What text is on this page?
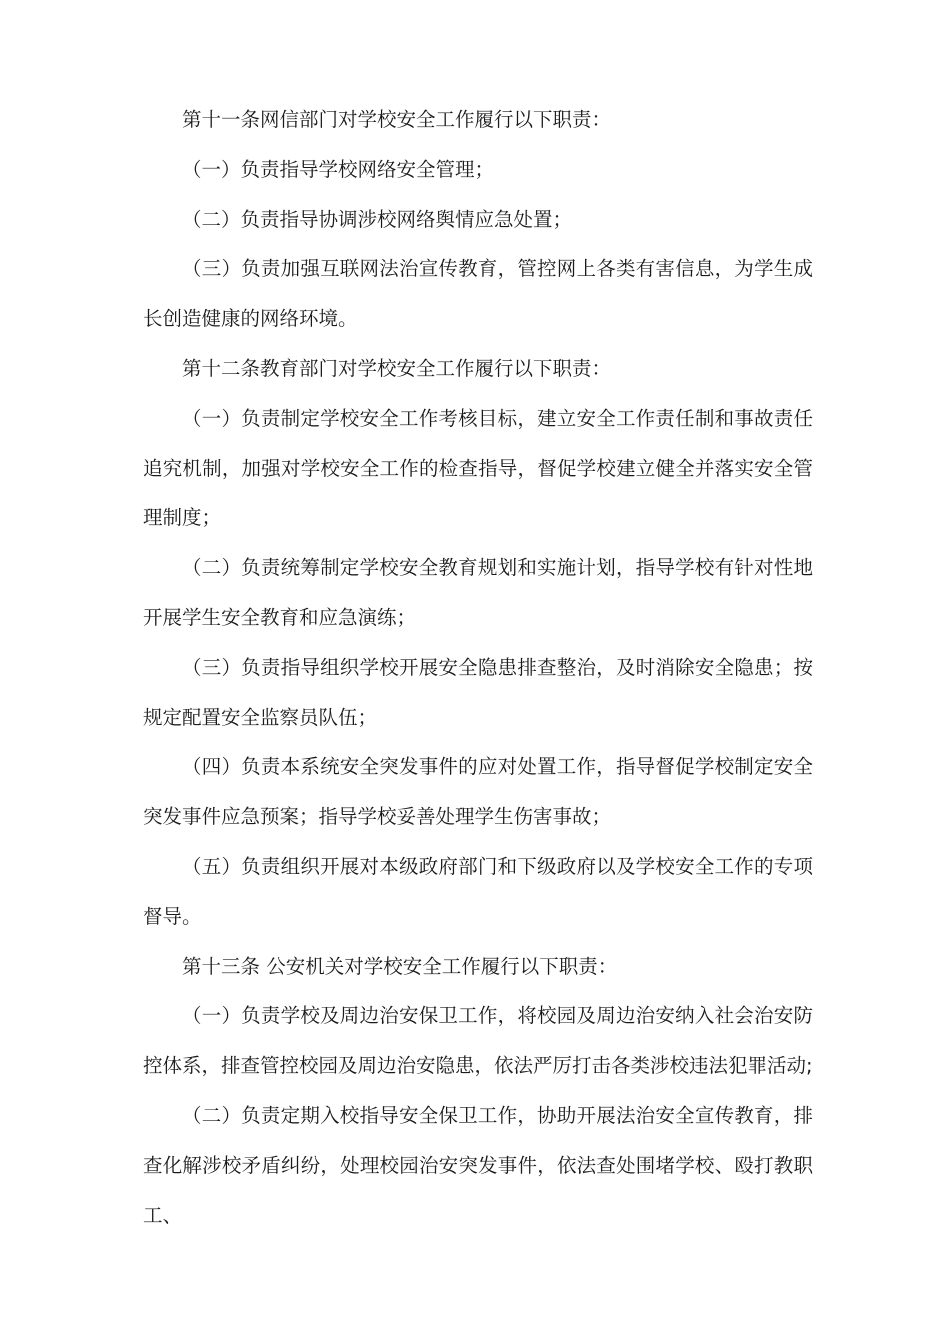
第十一条网信部门对学校安全工作履行以下职责：

（一）负责指导学校网络安全管理；

（二）负责指导协调涉校网络舆情应急处置；

（三）负责加强互联网法治宣传教育，管控网上各类有害信息，为学生成长创造健康的网络环境。

第十二条教育部门对学校安全工作履行以下职责：

（一）负责制定学校安全工作考核目标，建立安全工作责任制和事故责任追究机制，加强对学校安全工作的检查指导，督促学校建立健全并落实安全管理制度；

（二）负责统筹制定学校安全教育规划和实施计划，指导学校有针对性地开展学生安全教育和应急演练；

（三）负责指导组织学校开展安全隐患排查整治，及时消除安全隐患；按规定配置安全监察员队伍；

（四）负责本系统安全突发事件的应对处置工作，指导督促学校制定安全突发事件应急预案；指导学校妥善处理学生伤害事故；

（五）负责组织开展对本级政府部门和下级政府以及学校安全工作的专项督导。

第十三条 公安机关对学校安全工作履行以下职责：

（一）负责学校及周边治安保卫工作，将校园及周边治安纳入社会治安防控体系，排查管控校园及周边治安隐患，依法严厉打击各类涉校违法犯罪活动;

（二）负责定期入校指导安全保卫工作，协助开展法治安全宣传教育，排查化解涉校矛盾纠纷，处理校园治安突发事件，依法查处围堵学校、殴打教职工、
